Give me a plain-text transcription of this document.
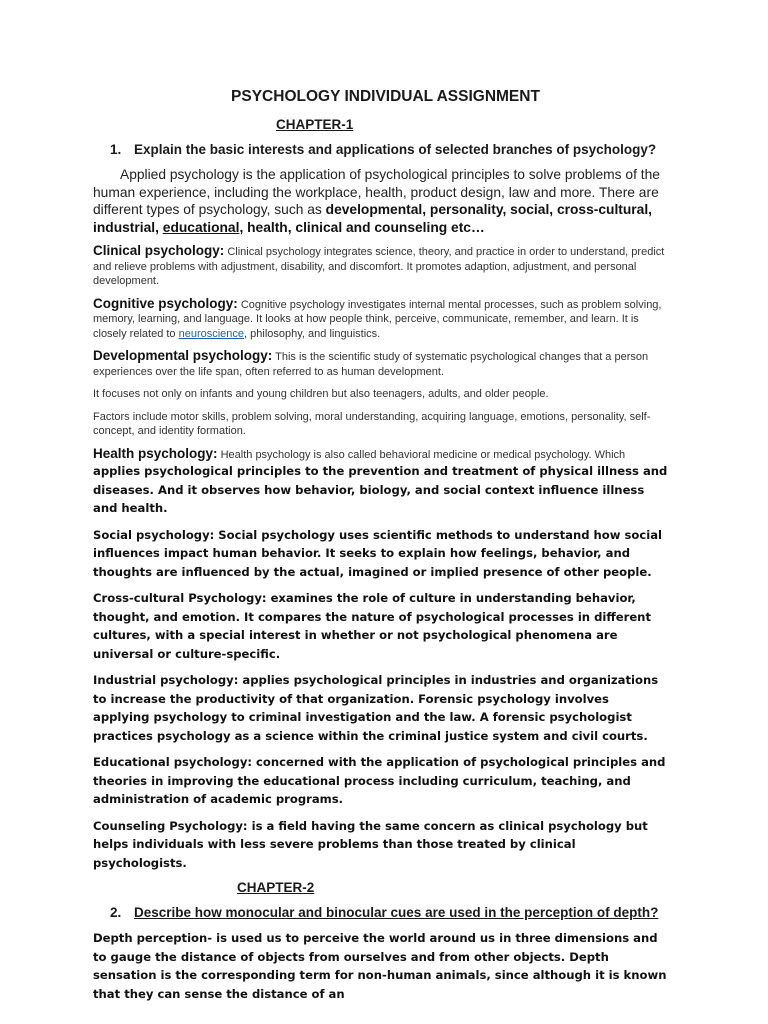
PSYCHOLOGY INDIVIDUAL ASSIGNMENT
CHAPTER-1
1. Explain the basic interests and applications of selected branches of psychology?
Applied psychology is the application of psychological principles to solve problems of the human experience, including the workplace, health, product design, law and more. There are different types of psychology, such as developmental, personality, social, cross-cultural, industrial, educational, health, clinical and counseling etc…
Clinical psychology: Clinical psychology integrates science, theory, and practice in order to understand, predict and relieve problems with adjustment, disability, and discomfort. It promotes adaption, adjustment, and personal development.
Cognitive psychology: Cognitive psychology investigates internal mental processes, such as problem solving, memory, learning, and language. It looks at how people think, perceive, communicate, remember, and learn. It is closely related to neuroscience, philosophy, and linguistics.
Developmental psychology: This is the scientific study of systematic psychological changes that a person experiences over the life span, often referred to as human development.
It focuses not only on infants and young children but also teenagers, adults, and older people.
Factors include motor skills, problem solving, moral understanding, acquiring language, emotions, personality, self-concept, and identity formation.
Health psychology: Health psychology is also called behavioral medicine or medical psychology. Which applies psychological principles to the prevention and treatment of physical illness and diseases. And it observes how behavior, biology, and social context influence illness and health.
Social psychology: Social psychology uses scientific methods to understand how social influences impact human behavior. It seeks to explain how feelings, behavior, and thoughts are influenced by the actual, imagined or implied presence of other people.
Cross-cultural Psychology: examines the role of culture in understanding behavior, thought, and emotion. It compares the nature of psychological processes in different cultures, with a special interest in whether or not psychological phenomena are universal or culture-specific.
Industrial psychology: applies psychological principles in industries and organizations to increase the productivity of that organization. Forensic psychology involves applying psychology to criminal investigation and the law. A forensic psychologist practices psychology as a science within the criminal justice system and civil courts.
Educational psychology: concerned with the application of psychological principles and theories in improving the educational process including curriculum, teaching, and administration of academic programs.
Counseling Psychology: is a field having the same concern as clinical psychology but helps individuals with less severe problems than those treated by clinical psychologists.
CHAPTER-2
2. Describe how monocular and binocular cues are used in the perception of depth?
Depth perception- is used us to perceive the world around us in three dimensions and to gauge the distance of objects from ourselves and from other objects. Depth sensation is the corresponding term for non-human animals, since although it is known that they can sense the distance of an
